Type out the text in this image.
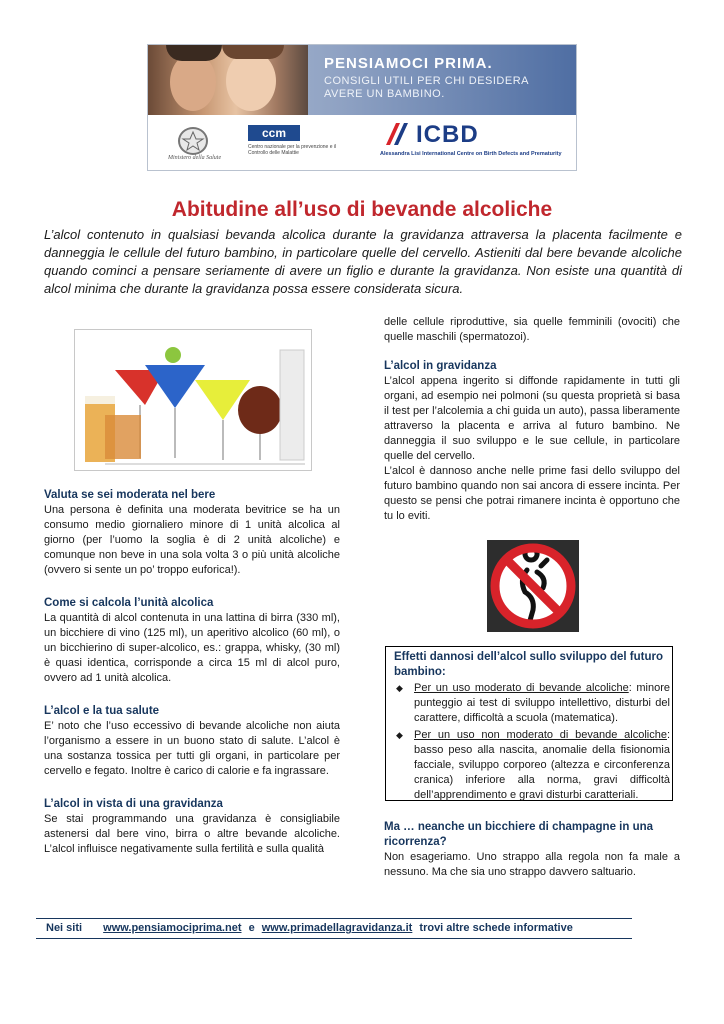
PENSIAMOCI PRIMA.
CONSIGLI UTILI PER CHI DESIDERA AVERE UN BAMBINO.
Ministero della Salute
ccm
Centro nazionale per la prevenzione e il Controllo delle Malattie
ICBD
Alessandra Lisi International Centre on Birth Defects and Prematurity
Abitudine all’uso di bevande alcoliche

L’alcol contenuto in qualsiasi bevanda alcolica durante la gravidanza attraversa la placenta facilmente e danneggia le cellule del futuro bambino, in particolare quelle del cervello. Astieniti dal bere bevande alcoliche quando cominci a pensare seriamente di avere un figlio e durante la gravidanza. Non esiste una quantità di alcol minima che durante la gravidanza possa essere considerata sicura.

Valuta se sei moderata nel bere

Una persona è definita una moderata bevitrice se ha un consumo medio giornaliero minore di 1 unità alcolica al giorno (per l’uomo la soglia è di 2 unità alcoliche) e comunque non beve in una sola volta 3 o più unità alcoliche (ovvero si sente un po’ troppo euforica!).

Come si calcola l’unità alcolica

La quantità di alcol contenuta in una lattina di birra (330 ml), un bicchiere di vino (125 ml), un aperitivo alcolico (60 ml), o un bicchierino di super-alcolico, es.: grappa, whisky, (30 ml) è quasi identica, corrisponde a circa 15 ml di alcol puro, ovvero ad 1 unità alcolica.

L’alcol e la tua salute

E’ noto che l’uso eccessivo di bevande alcoliche non aiuta l’organismo a essere in un buono stato di salute. L’alcol è una sostanza tossica per tutti gli organi, in particolare per cervello e fegato. Inoltre è carico di calorie e fa ingrassare.

L’alcol in vista di una gravidanza

Se stai programmando una gravidanza è consigliabile astenersi dal bere vino, birra o altre bevande alcoliche. L’alcol influisce negativamente sulla fertilità e sulla qualità

delle cellule riproduttive, sia quelle femminili (ovociti) che quelle maschili (spermatozoi).

L’alcol in gravidanza

L’alcol appena ingerito si diffonde rapidamente in tutti gli organi, ad esempio nei polmoni (su questa proprietà si basa il test per l’alcolemia a chi guida un auto), passa liberamente attraverso la placenta e arriva al futuro bambino. Ne danneggia il suo sviluppo e le sue cellule, in particolare quelle del cervello.

L’alcol è dannoso anche nelle prime fasi dello sviluppo del futuro bambino quando non sai ancora di essere incinta. Per questo se pensi che potrai rimanere incinta è opportuno che tu lo eviti.

Effetti dannosi dell’alcol sullo sviluppo del futuro bambino:
◆ Per un uso moderato di bevande alcoliche: minore punteggio ai test di sviluppo intellettivo, disturbi del carattere, difficoltà a scuola (matematica).
◆ Per un uso non moderato di bevande alcoliche: basso peso alla nascita, anomalie della fisionomia facciale, sviluppo corporeo (altezza e circonferenza cranica) inferiore alla norma, gravi difficoltà dell’apprendimento e gravi disturbi caratteriali.
Ma … neanche un bicchiere di champagne in una ricorrenza?

Non esageriamo. Uno strappo alla regola non fa male a nessuno. Ma che sia uno strappo davvero saltuario.

Nei siti www.pensiamociprima.net e www.primadellagravidanza.it trovi altre schede informative
